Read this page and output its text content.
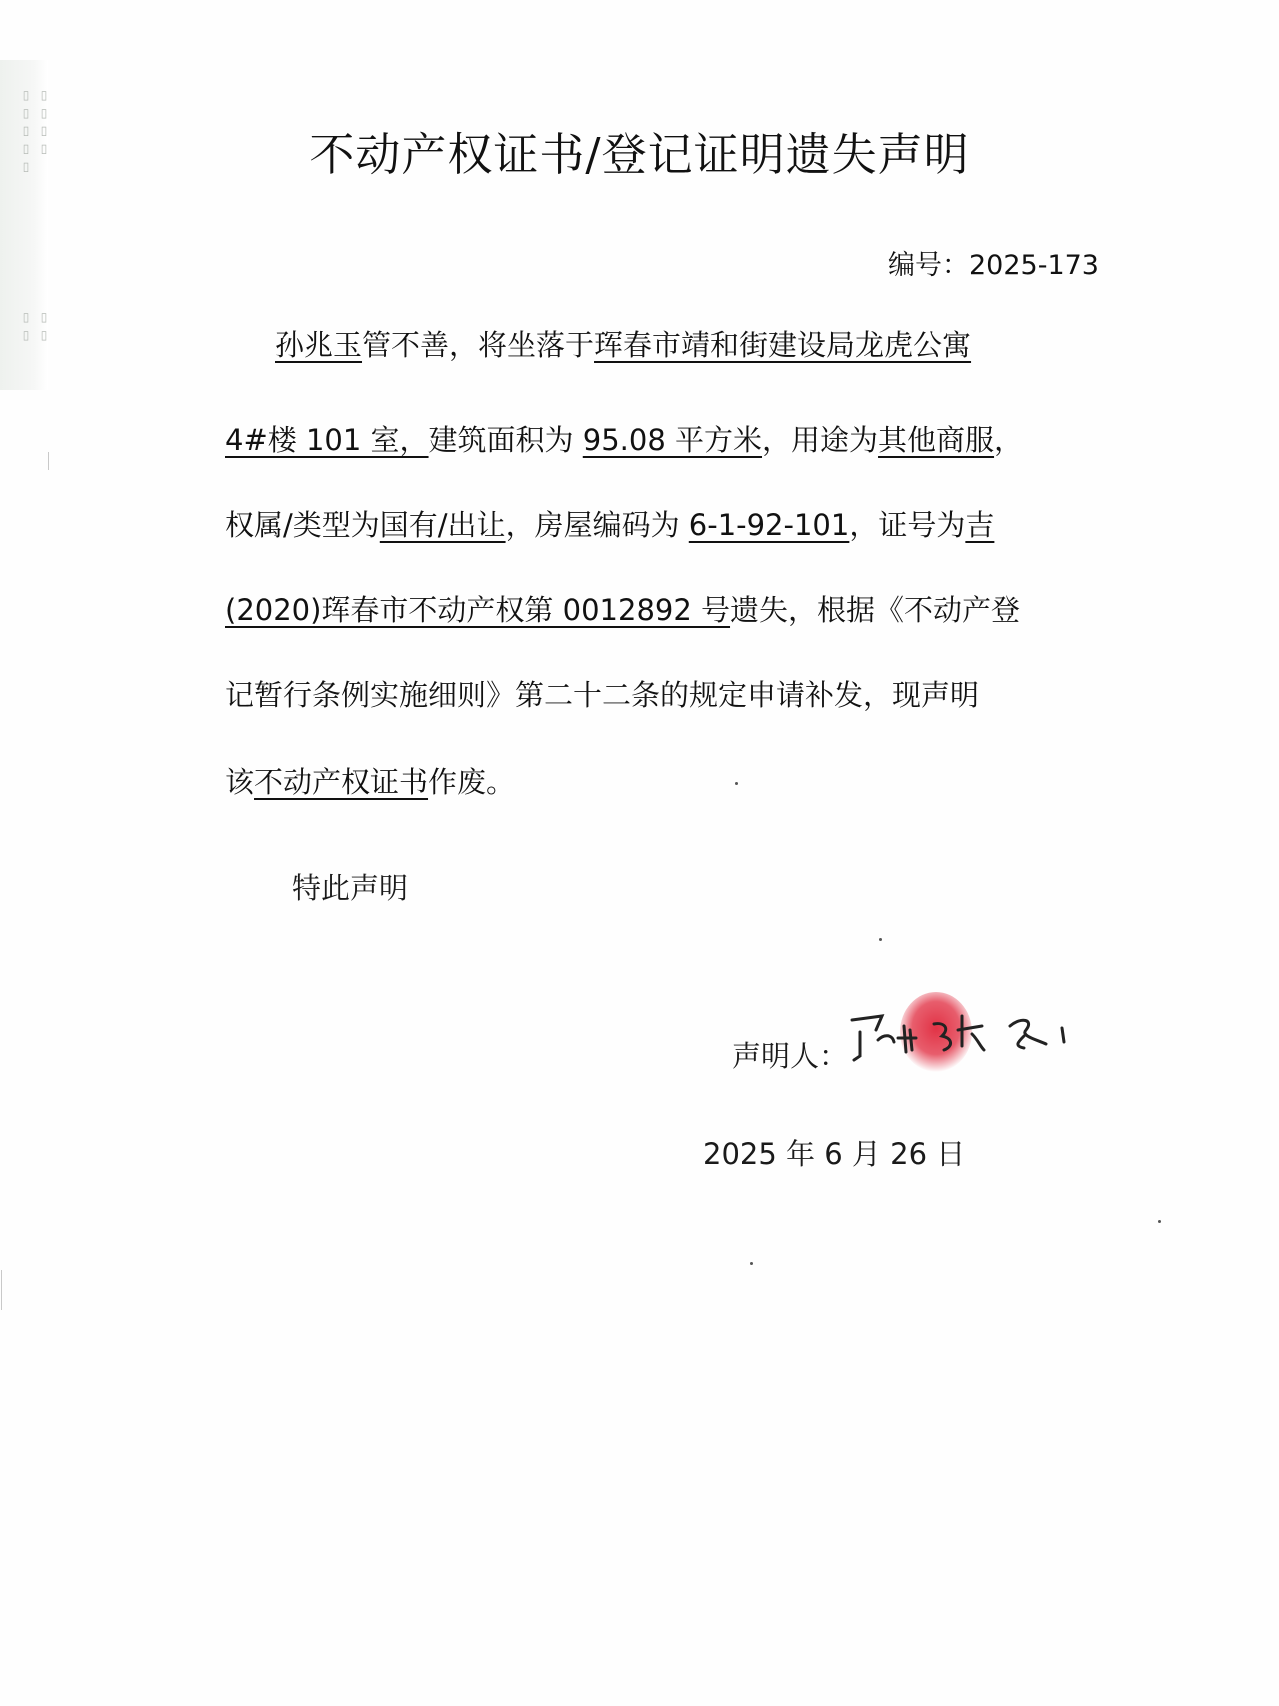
▯ ▯ ▯ ▯ ▯ ▯ ▯ ▯ ▯
▯ ▯ ▯ ▯
不动产权证书/登记证明遗失声明
编号：2025-173
孙兆玉管不善，将坐落于珲春市靖和街建设局龙虎公寓
4#楼 101 室，建筑面积为 95.08 平方米，用途为其他商服，
权属/类型为国有/出让，房屋编码为 6-1-92-101，证号为吉
(2020)珲春市不动产权第 0012892 号遗失，根据《不动产登
记暂行条例实施细则》第二十二条的规定申请补发，现声明
该不动产权证书作废。
特此声明
声明人：
2025 年 6 月 26 日
